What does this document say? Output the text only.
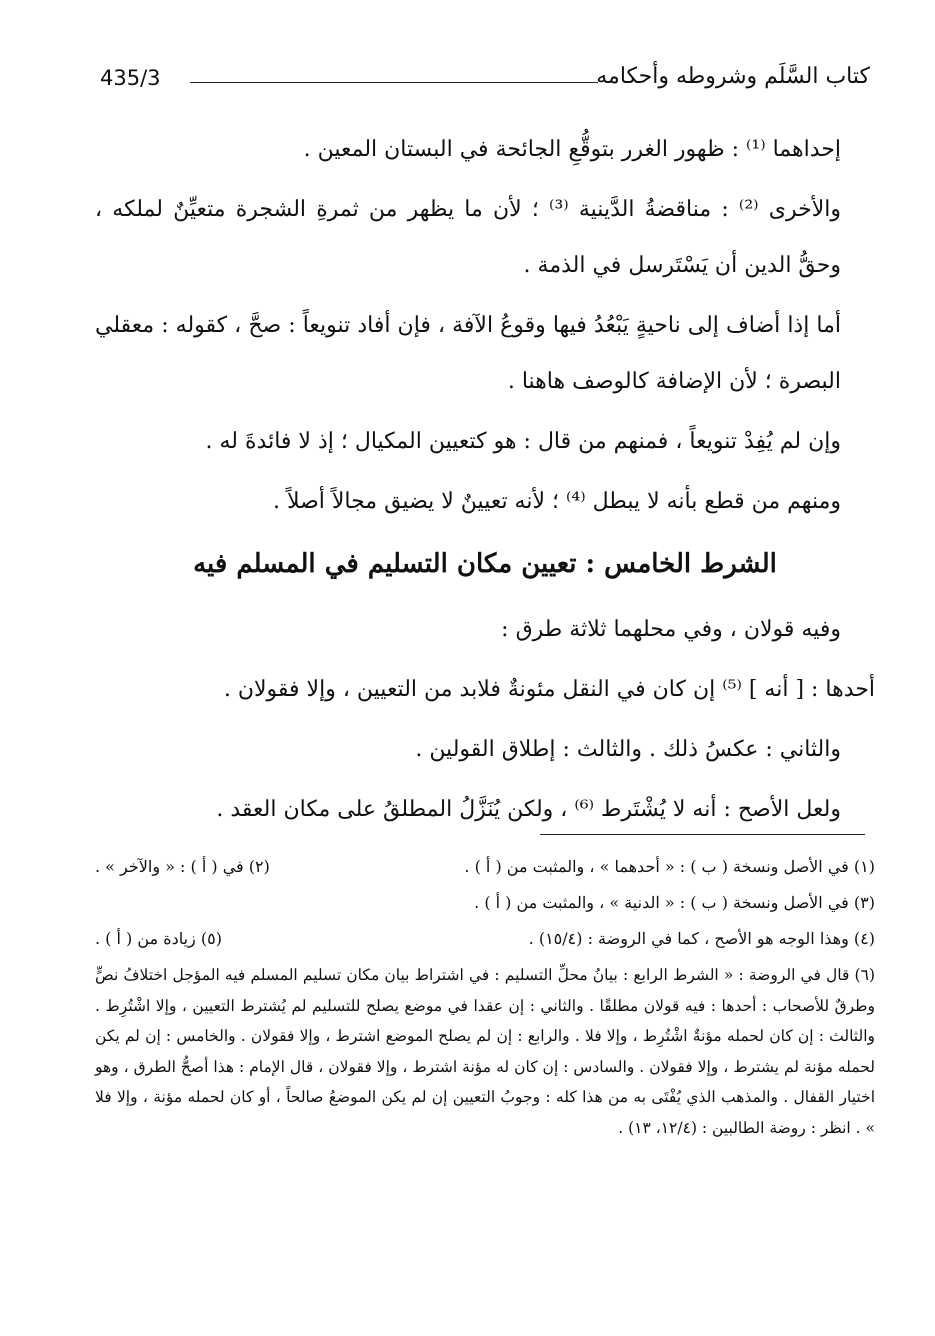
435/3	كتاب السَّلَم وشروطه وأحكامه

إحداهما ⁽¹⁾ : ظهور الغرر بتوقُّعِ الجائحة في البستان المعين .

والأخرى ⁽²⁾ : مناقضةُ الدَّينية ⁽³⁾ ؛ لأن ما يظهر من ثمرةِ الشجرة متعيِّنٌ لملكه ، وحقُّ الدين أن يَسْتَرسل في الذمة .

أما إذا أضاف إلى ناحيةٍ يَبْعُدُ فيها وقوعُ الآفة ، فإن أفاد تنويعاً : صحَّ ، كقوله : معقلي البصرة ؛ لأن الإضافة كالوصف هاهنا .

وإن لم يُفِدْ تنويعاً ، فمنهم من قال : هو كتعيين المكيال ؛ إذ لا فائدةَ له .

ومنهم من قطع بأنه لا يبطل ⁽⁴⁾ ؛ لأنه تعيينٌ لا يضيق مجالاً أصلاً .

الشرط الخامس : تعيين مكان التسليم في المسلم فيه

وفيه قولان ، وفي محلهما ثلاثة طرق :

أحدها : [ أنه ] ⁽⁵⁾ إن كان في النقل مئونةٌ فلابد من التعيين ، وإلا فقولان .

والثاني : عكسُ ذلك . والثالث : إطلاق القولين .

ولعل الأصح : أنه لا يُشْتَرط ⁽⁶⁾ ، ولكن يُنَزَّلُ المطلقُ على مكان العقد .

(١) في الأصل ونسخة ( ب ) : « أحدهما » ، والمثبت من ( أ ) .
(٢) في ( أ ) : « والآخر » .

(٣) في الأصل ونسخة ( ب ) : « الدنية » ، والمثبت من ( أ ) .

(٤) وهذا الوجه هو الأصح ، كما في الروضة : (١٥/٤) .
(٥) زيادة من ( أ ) .

(٦) قال في الروضة : « الشرط الرابع : بيانُ محلِّ التسليم : في اشتراط بيان مكان تسليم المسلم فيه المؤجل اختلافُ نصٍّ وطرقٌ للأصحاب : أحدها : فيه قولان مطلقًا . والثاني : إن عقدا في موضع يصلح للتسليم لم يُشترط التعيين ، وإلا اشْتُرِط . والثالث : إن كان لحمله مؤنةٌ اشْتُرِط ، وإلا فلا . والرابع : إن لم يصلح الموضع اشترط ، وإلا فقولان . والخامس : إن لم يكن لحمله مؤنة لم يشترط ، وإلا فقولان . والسادس : إن كان له مؤنة اشترط ، وإلا فقولان ، قال الإمام : هذا أصحُّ الطرق ، وهو اختيار القفال . والمذهب الذي يُفْتَى به من هذا كله : وجوبُ التعيين إن لم يكن الموضعُ صالحاً ، أو كان لحمله مؤنة ، وإلا فلا » . انظر : روضة الطالبين : (١٢/٤، ١٣) .
